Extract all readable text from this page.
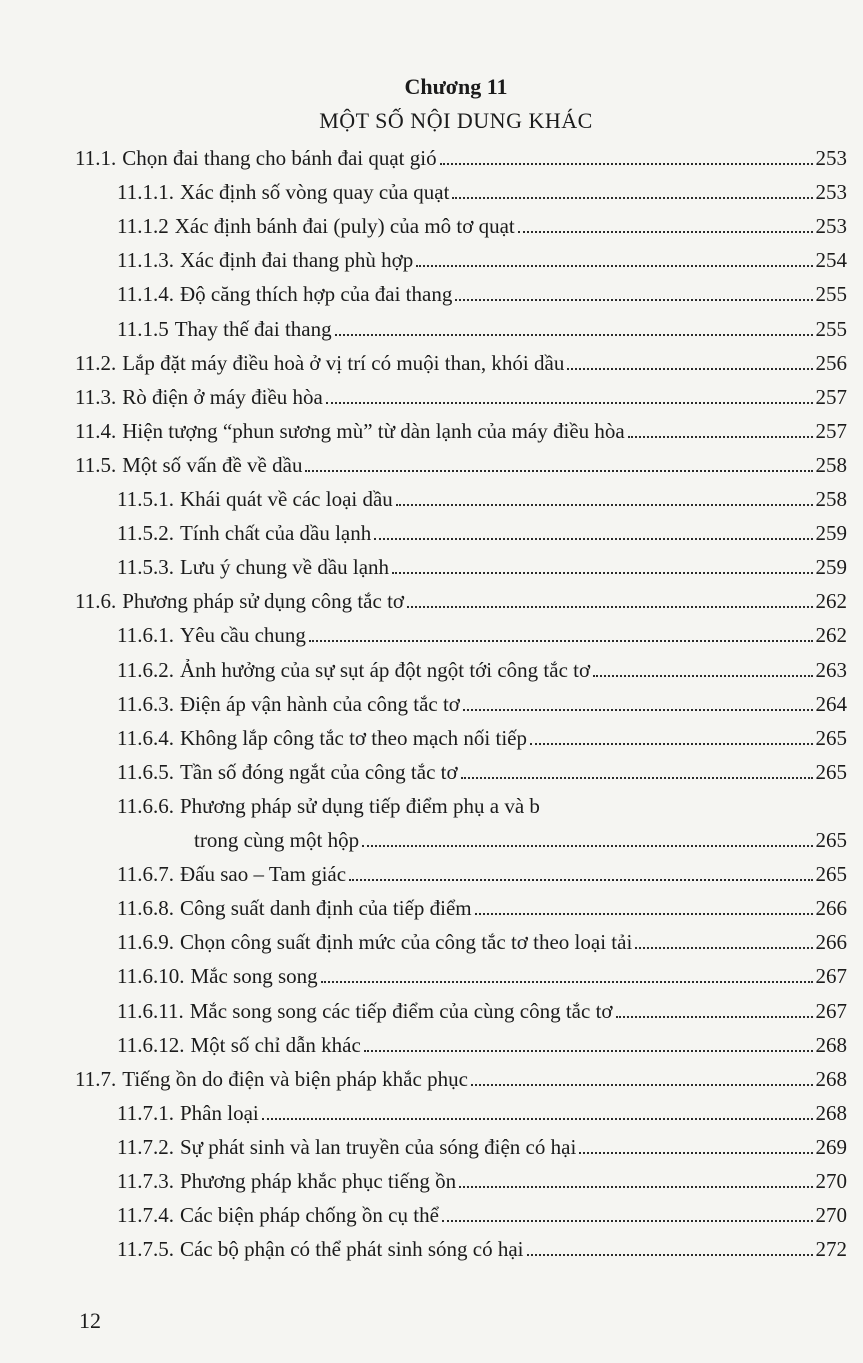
Chương 11
MỘT SỐ NỘI DUNG KHÁC
11.1. Chọn đai thang cho bánh đai quạt gió	253
11.1.1. Xác định số vòng quay của quạt	253
11.1.2 Xác định bánh đai (puly) của mô tơ quạt	253
11.1.3. Xác định đai thang phù hợp	254
11.1.4. Độ căng thích hợp của đai thang	255
11.1.5 Thay thế đai thang	255
11.2. Lắp đặt máy điều hoà ở vị trí có muội than, khói dầu	256
11.3. Rò điện ở máy điều hòa	257
11.4. Hiện tượng “phun sương mù” từ dàn lạnh của máy điều hòa	257
11.5. Một số vấn đề về dầu	258
11.5.1. Khái quát về các loại dầu	258
11.5.2. Tính chất của dầu lạnh	259
11.5.3. Lưu ý chung về dầu lạnh	259
11.6. Phương pháp sử dụng công tắc tơ	262
11.6.1. Yêu cầu chung	262
11.6.2. Ảnh hưởng của sự sụt áp đột ngột tới công tắc tơ	263
11.6.3. Điện áp vận hành của công tắc tơ	264
11.6.4. Không lắp công tắc tơ theo mạch nối tiếp	265
11.6.5. Tần số đóng ngắt của công tắc tơ	265
11.6.6. Phương pháp sử dụng tiếp điểm phụ a và b
trong cùng một hộp	265
11.6.7. Đấu sao – Tam giác	265
11.6.8. Công suất danh định của tiếp điểm	266
11.6.9. Chọn công suất định mức của công tắc tơ theo loại tải	266
11.6.10. Mắc song song	267
11.6.11. Mắc song song các tiếp điểm của cùng công tắc tơ	267
11.6.12. Một số chỉ dẫn khác	268
11.7. Tiếng ồn do điện và biện pháp khắc phục	268
11.7.1. Phân loại	268
11.7.2. Sự phát sinh và lan truyền của sóng điện có hại	269
11.7.3. Phương pháp khắc phục tiếng ồn	270
11.7.4. Các biện pháp chống ồn cụ thể	270
11.7.5. Các bộ phận có thể phát sinh sóng có hại	272
12
